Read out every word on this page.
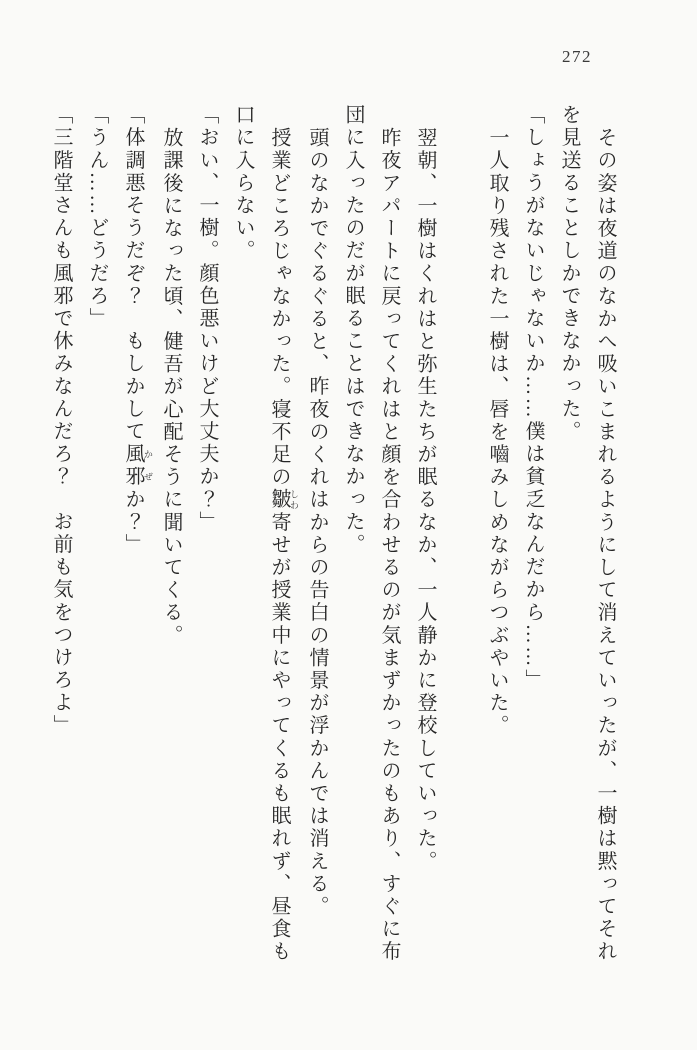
272
その姿は夜道のなかへ吸いこまれるようにして消えていったが、一樹は黙ってそれ
を見送ることしかできなかった。
「しょうがないじゃないか……僕は貧乏なんだから……」
一人取り残された一樹は、唇を嚙みしめながらつぶやいた。

翌朝、一樹はくれはと弥生たちが眠るなか、一人静かに登校していった。
昨夜アパートに戻ってくれはと顔を合わせるのが気まずかったのもあり、すぐに布
団に入ったのだが眠ることはできなかった。
頭のなかでぐるぐると、昨夜のくれはからの告白の情景が浮かんでは消える。
授業どころじゃなかった。寝不足の皺 しわ寄せが授業中にやってくるも眠れず、昼食も
口に入らない。
「おい、一樹。顔色悪いけど大丈夫か？」
放課後になった頃、健吾が心配そうに聞いてくる。
「体調悪そうだぞ？　もしかして風邪 かぜか？」
「うん……どうだろ」
「三階堂さんも風邪で休みなんだろ？　お前も気をつけろよ」
